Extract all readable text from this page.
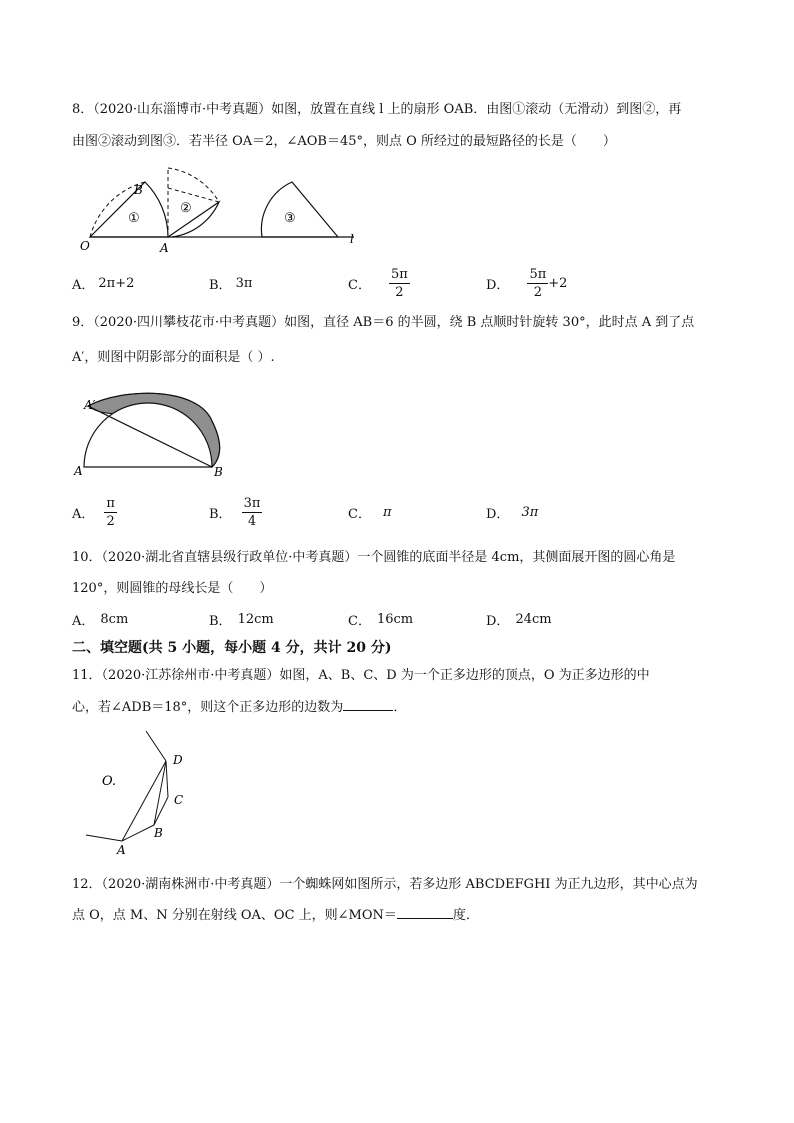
8．（2020·山东淄博市·中考真题）如图，放置在直线 l 上的扇形 OAB．由图①滚动（无滑动）到图②，再
由图②滚动到图③．若半径 OA＝2，∠AOB＝45°，则点 O 所经过的最短路径的长是（　　）
O	A
B
l
①
②
③
A． 2π+2	B． 3π	C． $\frac{5\pi}{2}$	D． $\frac{5\pi}{2} +2$
9．（2020·四川攀枝花市·中考真题）如图，直径 AB＝6 的半圆，绕 B 点顺时针旋转 30°，此时点 A 到了点
A′，则图中阴影部分的面积是（ ）.
A	B
A′
A． $\frac{\pi}{2}$	B． $\frac{3\pi}{4}$	C． π	D． 3π
10．（2020·湖北省直辖县级行政单位·中考真题）一个圆锥的底面半径是 4cm，其侧面展开图的圆心角是
120°，则圆锥的母线长是（　　）
A． 8cm	B． 12cm	C． 16cm	D． 24cm
二、填空题(共 5 小题，每小题 4 分，共计 20 分)
11．（2020·江苏徐州市·中考真题）如图，A、B、C、D 为一个正多边形的顶点，O 为正多边形的中
心，若∠ADB＝18°，则这个正多边形的边数为	．
O.
A
B
C
D
12．（2020·湖南株洲市·中考真题）一个蜘蛛网如图所示，若多边形 ABCDEFGHI 为正九边形，其中心点为
点 O，点 M、N 分别在射线 OA、OC 上，则∠MON＝	度．
